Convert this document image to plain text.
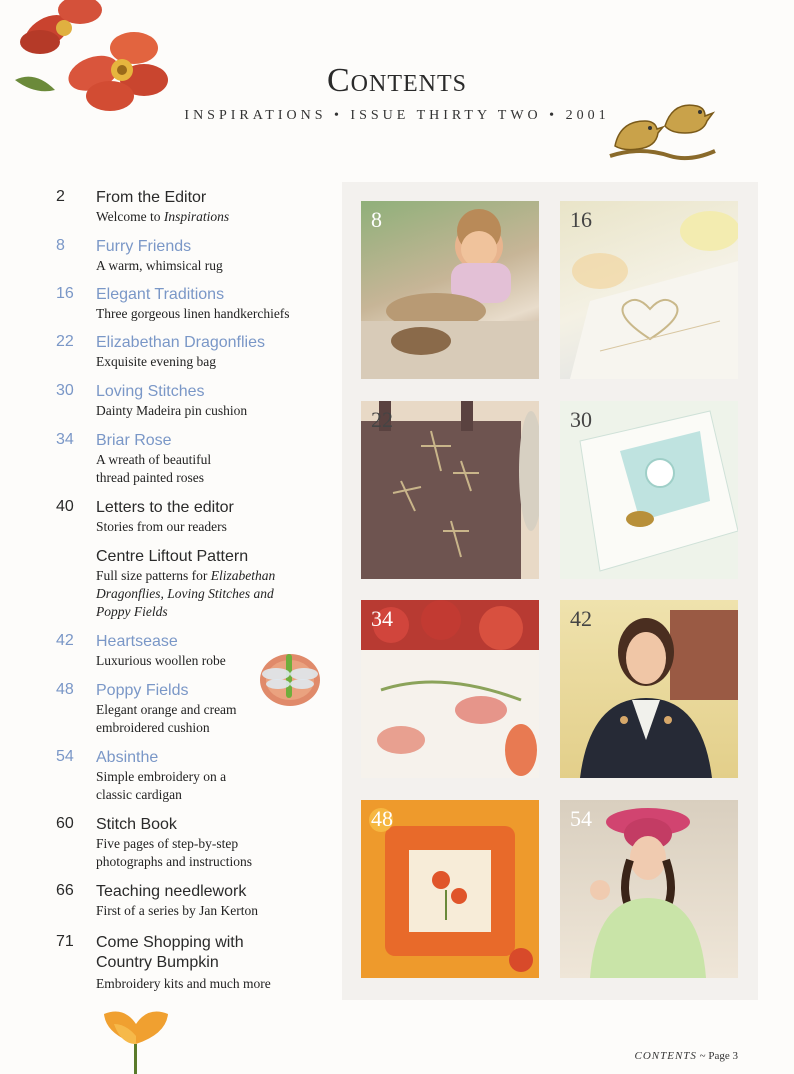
Contents
INSPIRATIONS • ISSUE THIRTY TWO • 2001
2	From the Editor
Welcome to Inspirations
8	Furry Friends
A warm, whimsical rug
16	Elegant Traditions
Three gorgeous linen handkerchiefs
22	Elizabethan Dragonflies
Exquisite evening bag
30	Loving Stitches
Dainty Madeira pin cushion
34	Briar Rose
A wreath of beautiful thread painted roses
40	Letters to the editor
Stories from our readers
Centre Liftout Pattern
Full size patterns for Elizabethan Dragonflies, Loving Stitches and Poppy Fields
42	Heartsease
Luxurious woollen robe
48	Poppy Fields
Elegant orange and cream embroidered cushion
54	Absinthe
Simple embroidery on a classic cardigan
60	Stitch Book
Five pages of step-by-step photographs and instructions
66	Teaching needlework
First of a series by Jan Kerton
71	Come Shopping with Country Bumpkin
Embroidery kits and much more
8	16
22	30
34	42
48	54
CONTENTS ~ Page 3
